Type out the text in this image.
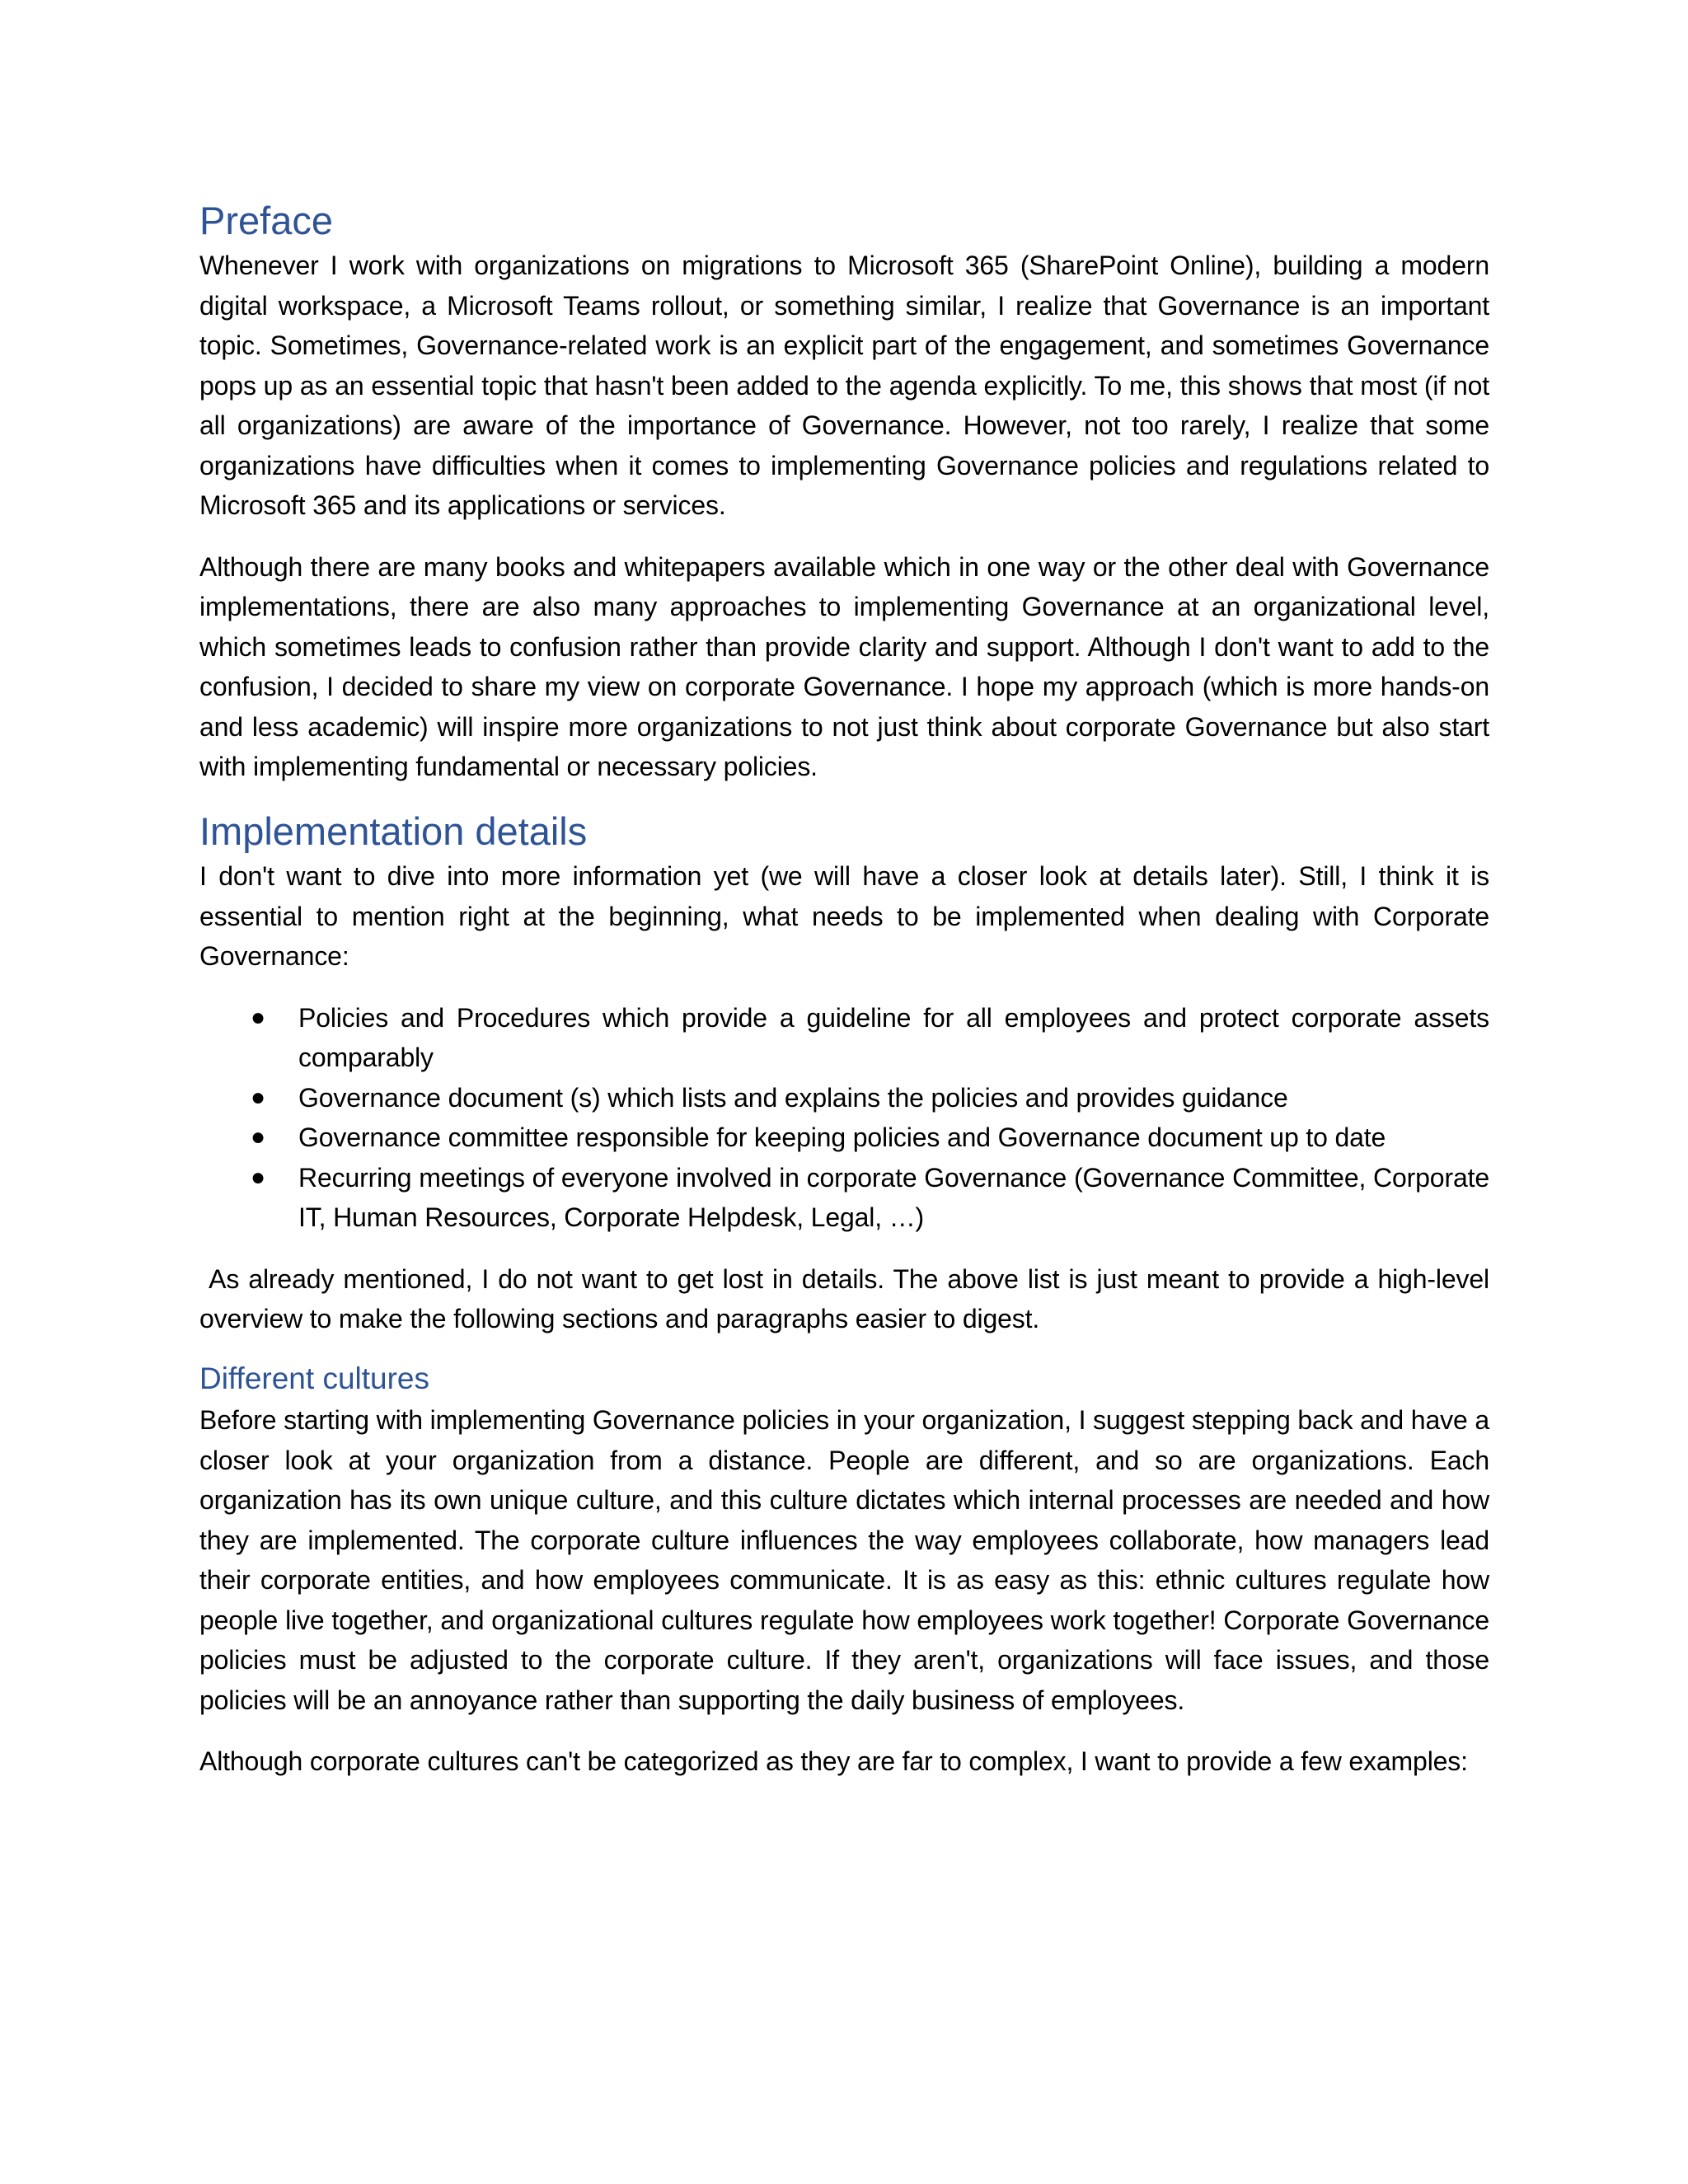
Preface

Whenever I work with organizations on migrations to Microsoft 365 (SharePoint Online), building a modern digital workspace, a Microsoft Teams rollout, or something similar, I realize that Governance is an important topic. Sometimes, Governance-related work is an explicit part of the engagement, and sometimes Governance pops up as an essential topic that hasn't been added to the agenda explicitly. To me, this shows that most (if not all organizations) are aware of the importance of Governance. However, not too rarely, I realize that some organizations have difficulties when it comes to implementing Governance policies and regulations related to Microsoft 365 and its applications or services.

Although there are many books and whitepapers available which in one way or the other deal with Governance implementations, there are also many approaches to implementing Governance at an organizational level, which sometimes leads to confusion rather than provide clarity and support. Although I don't want to add to the confusion, I decided to share my view on corporate Governance. I hope my approach (which is more hands-on and less academic) will inspire more organizations to not just think about corporate Governance but also start with implementing fundamental or necessary policies.

Implementation details

I don't want to dive into more information yet (we will have a closer look at details later). Still, I think it is essential to mention right at the beginning, what needs to be implemented when dealing with Corporate Governance:

● Policies and Procedures which provide a guideline for all employees and protect corporate assets comparably
● Governance document (s) which lists and explains the policies and provides guidance
● Governance committee responsible for keeping policies and Governance document up to date
● Recurring meetings of everyone involved in corporate Governance (Governance Committee, Corporate IT, Human Resources, Corporate Helpdesk, Legal, …)

As already mentioned, I do not want to get lost in details. The above list is just meant to provide a high-level overview to make the following sections and paragraphs easier to digest.

Different cultures

Before starting with implementing Governance policies in your organization, I suggest stepping back and have a closer look at your organization from a distance. People are different, and so are organizations. Each organization has its own unique culture, and this culture dictates which internal processes are needed and how they are implemented. The corporate culture influences the way employees collaborate, how managers lead their corporate entities, and how employees communicate. It is as easy as this: ethnic cultures regulate how people live together, and organizational cultures regulate how employees work together! Corporate Governance policies must be adjusted to the corporate culture. If they aren't, organizations will face issues, and those policies will be an annoyance rather than supporting the daily business of employees.

Although corporate cultures can't be categorized as they are far to complex, I want to provide a few examples:
